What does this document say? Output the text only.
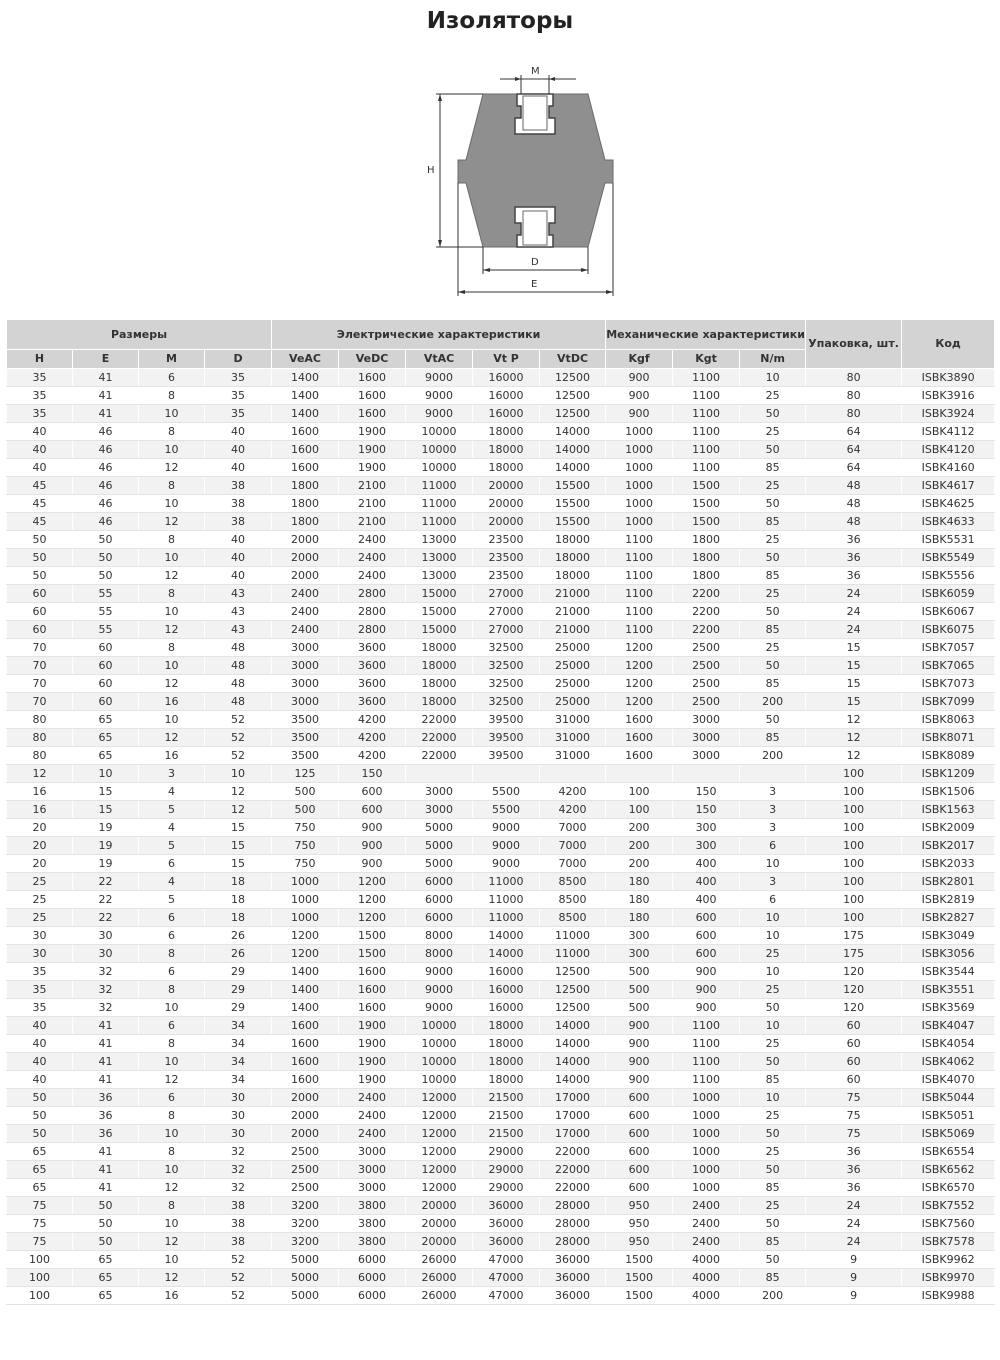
Изоляторы
M
H
D
E
Размеры				Электрические характеристики					Механические характеристики			Упаковка, шт.	Код
H	E	M	D	VeAC	VeDC	VtAC	Vt P	VtDC	Kgf	Kgt	N/m		
35	41	6	35	1400	1600	9000	16000	12500	900	1100	10	80	ISBK3890
35	41	8	35	1400	1600	9000	16000	12500	900	1100	25	80	ISBK3916
35	41	10	35	1400	1600	9000	16000	12500	900	1100	50	80	ISBK3924
40	46	8	40	1600	1900	10000	18000	14000	1000	1100	25	64	ISBK4112
40	46	10	40	1600	1900	10000	18000	14000	1000	1100	50	64	ISBK4120
40	46	12	40	1600	1900	10000	18000	14000	1000	1100	85	64	ISBK4160
45	46	8	38	1800	2100	11000	20000	15500	1000	1500	25	48	ISBK4617
45	46	10	38	1800	2100	11000	20000	15500	1000	1500	50	48	ISBK4625
45	46	12	38	1800	2100	11000	20000	15500	1000	1500	85	48	ISBK4633
50	50	8	40	2000	2400	13000	23500	18000	1100	1800	25	36	ISBK5531
50	50	10	40	2000	2400	13000	23500	18000	1100	1800	50	36	ISBK5549
50	50	12	40	2000	2400	13000	23500	18000	1100	1800	85	36	ISBK5556
60	55	8	43	2400	2800	15000	27000	21000	1100	2200	25	24	ISBK6059
60	55	10	43	2400	2800	15000	27000	21000	1100	2200	50	24	ISBK6067
60	55	12	43	2400	2800	15000	27000	21000	1100	2200	85	24	ISBK6075
70	60	8	48	3000	3600	18000	32500	25000	1200	2500	25	15	ISBK7057
70	60	10	48	3000	3600	18000	32500	25000	1200	2500	50	15	ISBK7065
70	60	12	48	3000	3600	18000	32500	25000	1200	2500	85	15	ISBK7073
70	60	16	48	3000	3600	18000	32500	25000	1200	2500	200	15	ISBK7099
80	65	10	52	3500	4200	22000	39500	31000	1600	3000	50	12	ISBK8063
80	65	12	52	3500	4200	22000	39500	31000	1600	3000	85	12	ISBK8071
80	65	16	52	3500	4200	22000	39500	31000	1600	3000	200	12	ISBK8089
12	10	3	10	125	150							100	ISBK1209
16	15	4	12	500	600	3000	5500	4200	100	150	3	100	ISBK1506
16	15	5	12	500	600	3000	5500	4200	100	150	3	100	ISBK1563
20	19	4	15	750	900	5000	9000	7000	200	300	3	100	ISBK2009
20	19	5	15	750	900	5000	9000	7000	200	300	6	100	ISBK2017
20	19	6	15	750	900	5000	9000	7000	200	400	10	100	ISBK2033
25	22	4	18	1000	1200	6000	11000	8500	180	400	3	100	ISBK2801
25	22	5	18	1000	1200	6000	11000	8500	180	400	6	100	ISBK2819
25	22	6	18	1000	1200	6000	11000	8500	180	600	10	100	ISBK2827
30	30	6	26	1200	1500	8000	14000	11000	300	600	10	175	ISBK3049
30	30	8	26	1200	1500	8000	14000	11000	300	600	25	175	ISBK3056
35	32	6	29	1400	1600	9000	16000	12500	500	900	10	120	ISBK3544
35	32	8	29	1400	1600	9000	16000	12500	500	900	25	120	ISBK3551
35	32	10	29	1400	1600	9000	16000	12500	500	900	50	120	ISBK3569
40	41	6	34	1600	1900	10000	18000	14000	900	1100	10	60	ISBK4047
40	41	8	34	1600	1900	10000	18000	14000	900	1100	25	60	ISBK4054
40	41	10	34	1600	1900	10000	18000	14000	900	1100	50	60	ISBK4062
40	41	12	34	1600	1900	10000	18000	14000	900	1100	85	60	ISBK4070
50	36	6	30	2000	2400	12000	21500	17000	600	1000	10	75	ISBK5044
50	36	8	30	2000	2400	12000	21500	17000	600	1000	25	75	ISBK5051
50	36	10	30	2000	2400	12000	21500	17000	600	1000	50	75	ISBK5069
65	41	8	32	2500	3000	12000	29000	22000	600	1000	25	36	ISBK6554
65	41	10	32	2500	3000	12000	29000	22000	600	1000	50	36	ISBK6562
65	41	12	32	2500	3000	12000	29000	22000	600	1000	85	36	ISBK6570
75	50	8	38	3200	3800	20000	36000	28000	950	2400	25	24	ISBK7552
75	50	10	38	3200	3800	20000	36000	28000	950	2400	50	24	ISBK7560
75	50	12	38	3200	3800	20000	36000	28000	950	2400	85	24	ISBK7578
100	65	10	52	5000	6000	26000	47000	36000	1500	4000	50	9	ISBK9962
100	65	12	52	5000	6000	26000	47000	36000	1500	4000	85	9	ISBK9970
100	65	16	52	5000	6000	26000	47000	36000	1500	4000	200	9	ISBK9988
